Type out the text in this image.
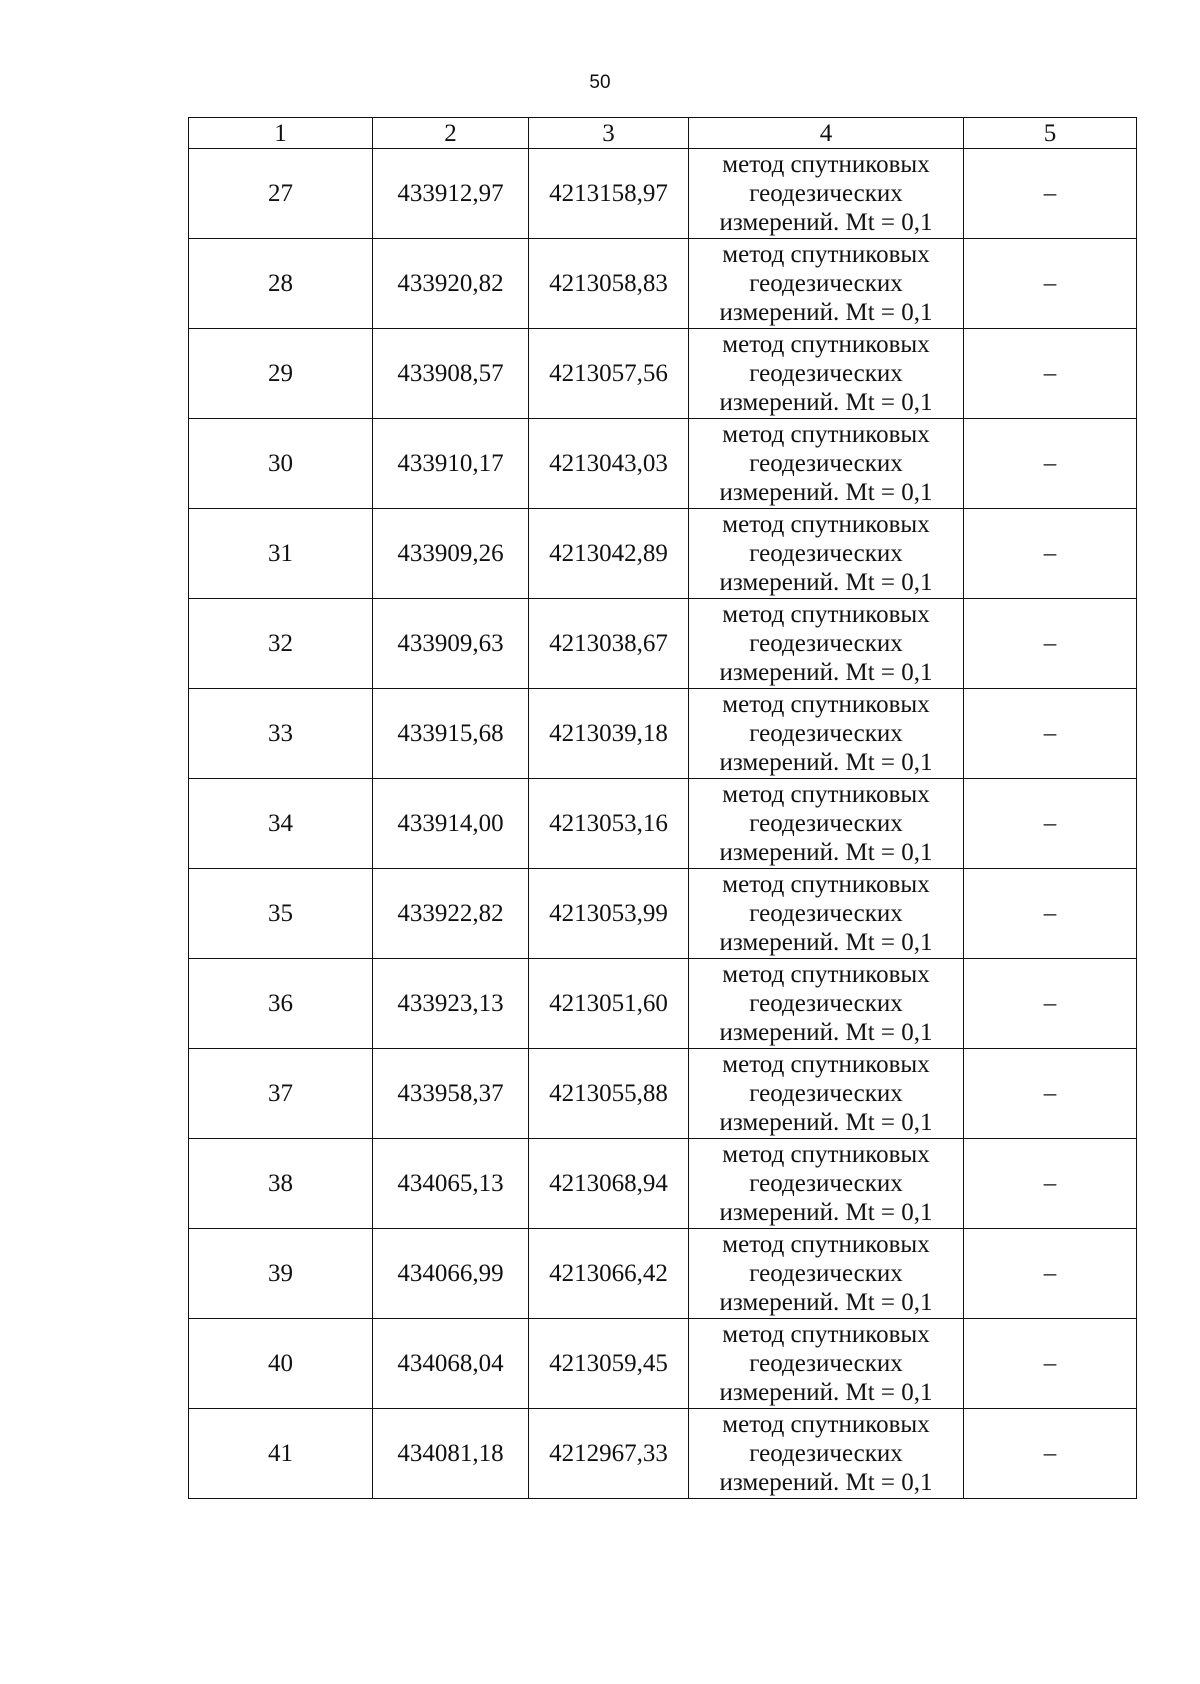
50
1	2	3	4	5
27	433912,97	4213158,97	метод спутниковых
геодезических
измерений. Mt = 0,1	–
28	433920,82	4213058,83	метод спутниковых
геодезических
измерений. Mt = 0,1	–
29	433908,57	4213057,56	метод спутниковых
геодезических
измерений. Mt = 0,1	–
30	433910,17	4213043,03	метод спутниковых
геодезических
измерений. Mt = 0,1	–
31	433909,26	4213042,89	метод спутниковых
геодезических
измерений. Mt = 0,1	–
32	433909,63	4213038,67	метод спутниковых
геодезических
измерений. Mt = 0,1	–
33	433915,68	4213039,18	метод спутниковых
геодезических
измерений. Mt = 0,1	–
34	433914,00	4213053,16	метод спутниковых
геодезических
измерений. Mt = 0,1	–
35	433922,82	4213053,99	метод спутниковых
геодезических
измерений. Mt = 0,1	–
36	433923,13	4213051,60	метод спутниковых
геодезических
измерений. Mt = 0,1	–
37	433958,37	4213055,88	метод спутниковых
геодезических
измерений. Mt = 0,1	–
38	434065,13	4213068,94	метод спутниковых
геодезических
измерений. Mt = 0,1	–
39	434066,99	4213066,42	метод спутниковых
геодезических
измерений. Mt = 0,1	–
40	434068,04	4213059,45	метод спутниковых
геодезических
измерений. Mt = 0,1	–
41	434081,18	4212967,33	метод спутниковых
геодезических
измерений. Mt = 0,1	–
